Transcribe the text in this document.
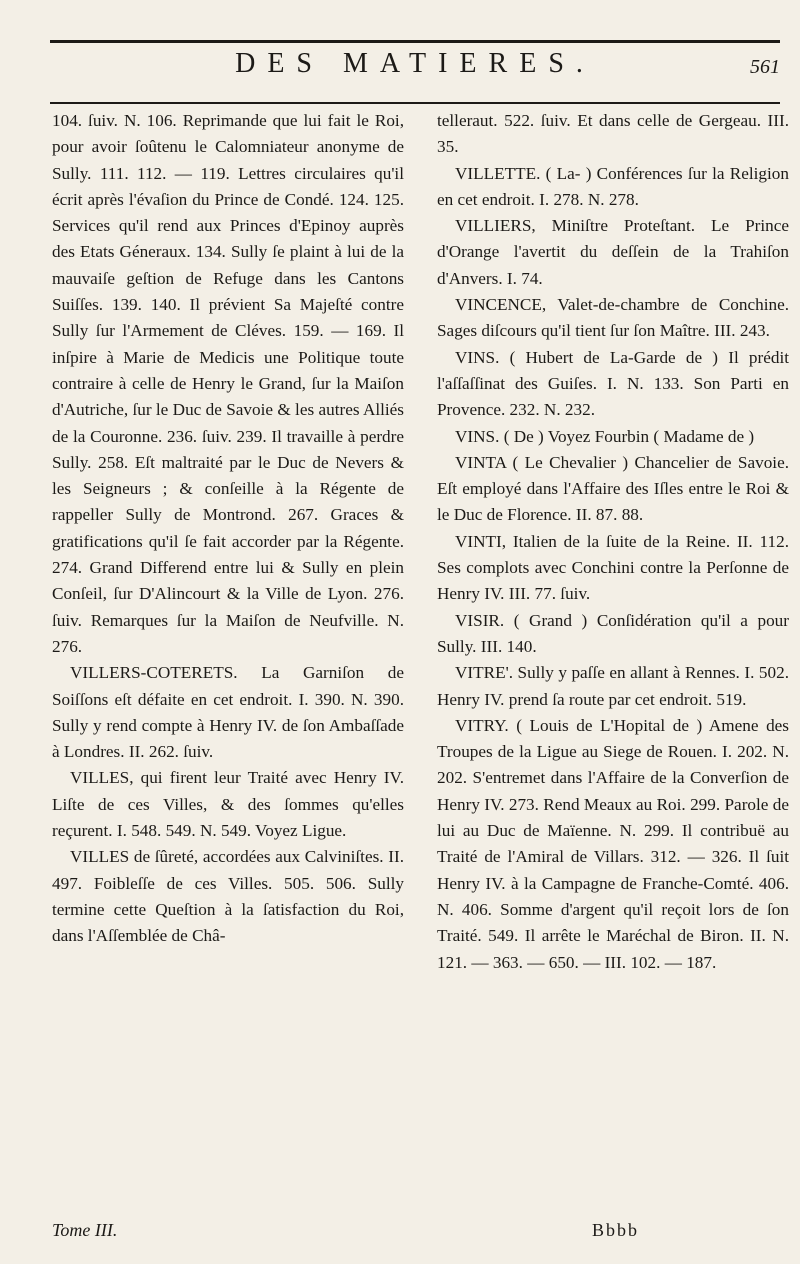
DES MATIERES.	561

104. ſuiv. N. 106. Reprimande que lui fait le Roi, pour avoir ſoûtenu le Calomniateur anonyme de Sully. 111. 112. — 119. Lettres circulaires qu'il écrit après l'évaſion du Prince de Condé. 124. 125. Services qu'il rend aux Princes d'Epinoy auprès des Etats Géneraux. 134. Sully ſe plaint à lui de la mauvaiſe geſtion de Refuge dans les Cantons Suiſſes. 139. 140. Il prévient Sa Majeſté contre Sully ſur l'Armement de Cléves. 159. — 169. Il inſpire à Marie de Medicis une Politique toute contraire à celle de Henry le Grand, ſur la Maiſon d'Autriche, ſur le Duc de Savoie & les autres Alliés de la Couronne. 236. ſuiv. 239. Il travaille à perdre Sully. 258. Eſt maltraité par le Duc de Nevers & les Seigneurs ; & conſeille à la Régente de rappeller Sully de Montrond. 267. Graces & gratifications qu'il ſe fait accorder par la Régente. 274. Grand Differend entre lui & Sully en plein Conſeil, ſur D'Alincourt & la Ville de Lyon. 276. ſuiv. Remarques ſur la Maiſon de Neufville. N. 276.

VILLERS-COTERETS. La Garniſon de Soiſſons eſt défaite en cet endroit. I. 390. N. 390. Sully y rend compte à Henry IV. de ſon Ambaſſade à Londres. II. 262. ſuiv.

VILLES, qui firent leur Traité avec Henry IV. Liſte de ces Villes, & des ſommes qu'elles reçurent. I. 548. 549. N. 549. Voyez Ligue.

VILLES de ſûreté, accordées aux Calviniſtes. II. 497. Foibleſſe de ces Villes. 505. 506. Sully termine cette Queſtion à la ſatisfaction du Roi, dans l'Aſſemblée de Châ-

telleraut. 522. ſuiv. Et dans celle de Gergeau. III. 35.

VILLETTE. ( La- ) Conférences ſur la Religion en cet endroit. I. 278. N. 278.

VILLIERS, Miniſtre Proteſtant. Le Prince d'Orange l'avertit du deſſein de la Trahiſon d'Anvers. I. 74.

VINCENCE, Valet-de-chambre de Conchine. Sages diſcours qu'il tient ſur ſon Maître. III. 243.

VINS. ( Hubert de La-Garde de ) Il prédit l'aſſaſſinat des Guiſes. I. N. 133. Son Parti en Provence. 232. N. 232.

VINS. ( De ) Voyez Fourbin ( Madame de )

VINTA ( Le Chevalier ) Chancelier de Savoie. Eſt employé dans l'Affaire des Iſles entre le Roi & le Duc de Florence. II. 87. 88.

VINTI, Italien de la ſuite de la Reine. II. 112. Ses complots avec Conchini contre la Perſonne de Henry IV. III. 77. ſuiv.

VISIR. ( Grand ) Conſidération qu'il a pour Sully. III. 140.

VITRE'. Sully y paſſe en allant à Rennes. I. 502. Henry IV. prend ſa route par cet endroit. 519.

VITRY. ( Louis de L'Hopital de ) Amene des Troupes de la Ligue au Siege de Rouen. I. 202. N. 202. S'entremet dans l'Affaire de la Converſion de Henry IV. 273. Rend Meaux au Roi. 299. Parole de lui au Duc de Maïenne. N. 299. Il contribuë au Traité de l'Amiral de Villars. 312. — 326. Il ſuit Henry IV. à la Campagne de Franche-Comté. 406. N. 406. Somme d'argent qu'il reçoit lors de ſon Traité. 549. Il arrête le Maréchal de Biron. II. N. 121. — 363. — 650. — III. 102. — 187.

Tome III.	Bbbb
